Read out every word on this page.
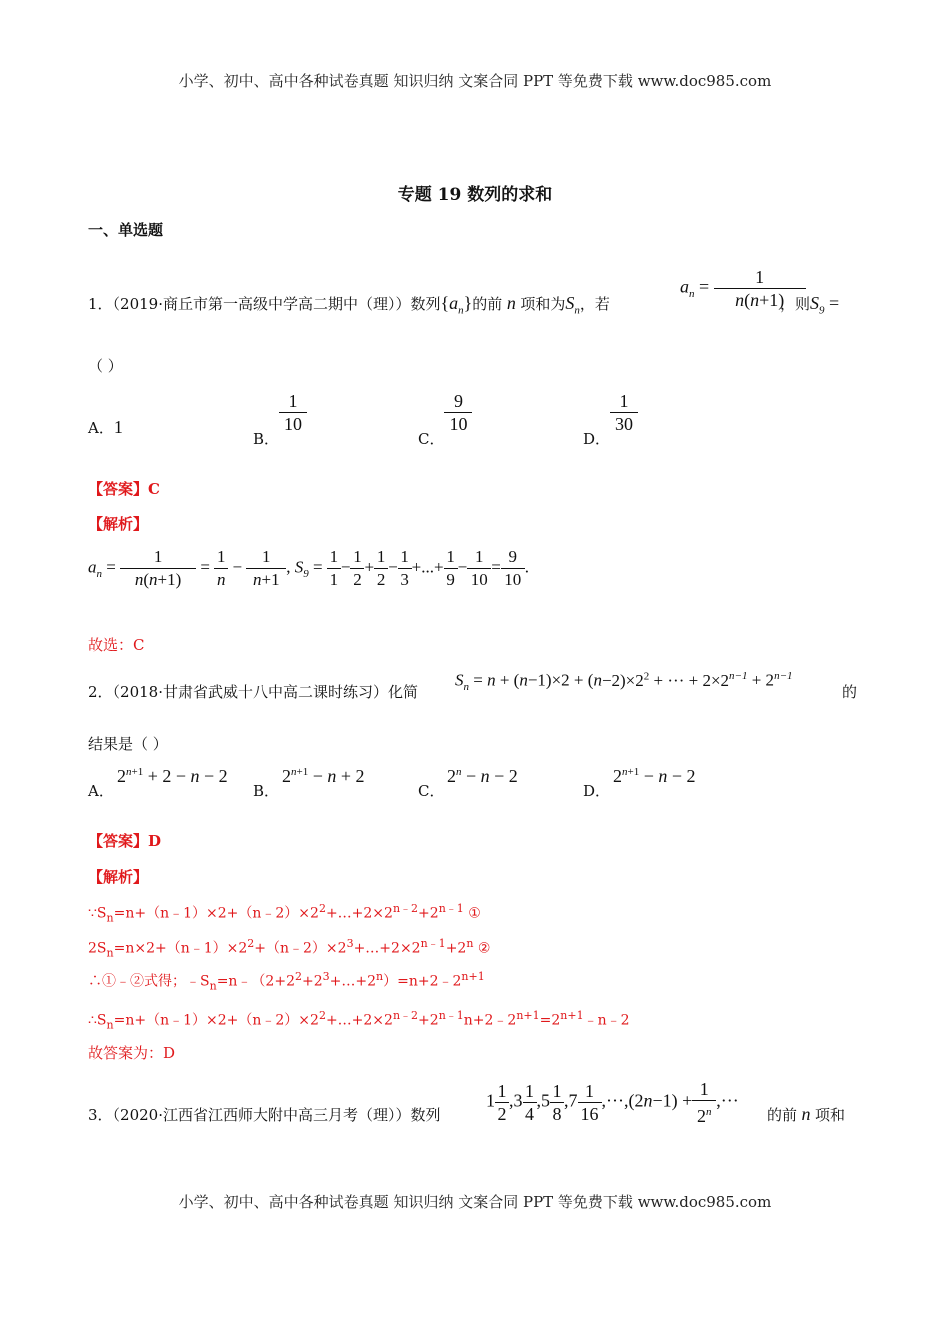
小学、初中、高中各种试卷真题 知识归纳 文案合同 PPT 等免费下载 www.doc985.com
小学、初中、高中各种试卷真题 知识归纳 文案合同 PPT 等免费下载 www.doc985.com
专题 19 数列的求和
一、单选题
1．（2019·商丘市第一高级中学高二期中（理））数列$\{a_n\}$的前 n 项和为$S_n$，若
$a_n = \frac{1}{n(n+1)}$
，则$S_9$ =
（ ）
A．1
B．
$\frac{1}{10}$
C．
$\frac{9}{10}$
D．
$\frac{1}{30}$
【答案】C
【解析】
$a_n = \frac{1}{n(n+1)} = \frac{1}{n} - \frac{1}{n+1}$ , $S_9 = \frac{1}{1} - \frac{1}{2} + \frac{1}{2} - \frac{1}{3}$ +...+ $\frac{1}{9} - \frac{1}{10} = \frac{9}{10}$ .
故选：C
2．（2018·甘肃省武威十八中高二课时练习）化简
$S_n = n + (n-1)\times 2 + (n-2)\times 2^2$ + ··· + $2\times 2^{n-1} + 2^{n-1}$
的
结果是（ ）
A．
$2^{n+1} + 2 - n - 2$
B．
$2^{n+1} - n + 2$
C．
$2^n - n - 2$
D．
$2^{n+1} - n - 2$
【答案】D
【解析】
$\because S_n=n+(n﹣1)\times 2+(n﹣2)\times 2^2+\dots+2\times 2^{n﹣2}+2^{n﹣1}$ ①
$2S_n=n\times 2+(n﹣1)\times 2^2+(n﹣2)\times 2^3+\dots+2\times 2^{n﹣1}+2^n$ ②
∴①﹣②式得；$﹣S_n=n﹣(2+2^2+2^3+\dots+2^n)=n+2﹣2^{n+1}$
$\therefore S_n=n+(n﹣1)\times 2+(n﹣2)\times 2^2+\dots+2\times 2^{n﹣2}+2^{n﹣1}n+2﹣2^{n+1}=2^{n+1}﹣n﹣2$
故答案为：D
3．（2020·江西省江西师大附中高三月考（理））数列
$1 \frac{1}{2} ,3 \frac{1}{4} ,5 \frac{1}{8} ,7 \frac{1}{16} ,\cdot\cdot\cdot,(2n-1) + \frac{1}{2^n}$ ,···
的前 n 项和
